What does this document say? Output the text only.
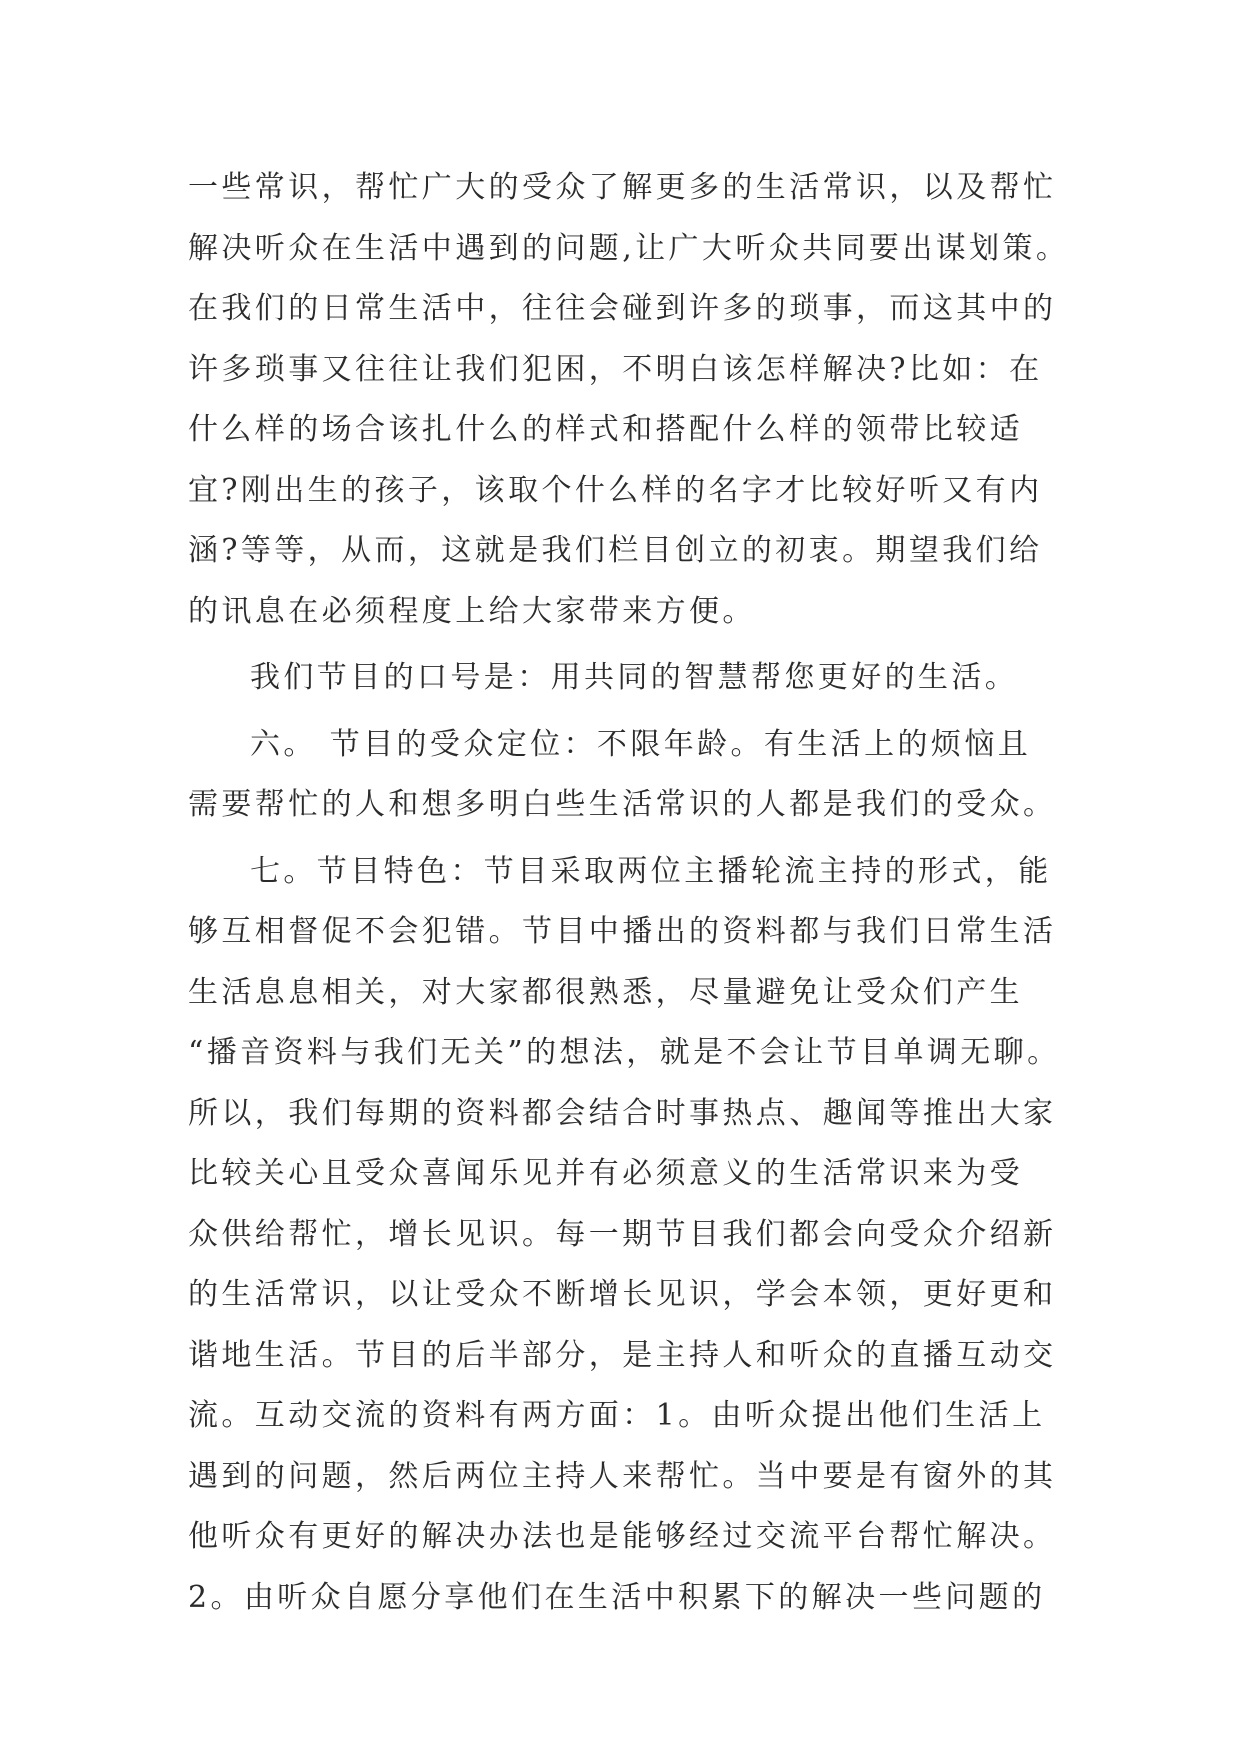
一些常识，帮忙广大的受众了解更多的生活常识，以及帮忙
解决听众在生活中遇到的问题,让广大听众共同要出谋划策。
在我们的日常生活中，往往会碰到许多的琐事，而这其中的
许多琐事又往往让我们犯困，不明白该怎样解决?比如：在
什么样的场合该扎什么的样式和搭配什么样的领带比较适
宜?刚出生的孩子，该取个什么样的名字才比较好听又有内
涵?等等，从而，这就是我们栏目创立的初衷。期望我们给
的讯息在必须程度上给大家带来方便。
我们节目的口号是：用共同的智慧帮您更好的生活。
六。 节目的受众定位：不限年龄。有生活上的烦恼且
需要帮忙的人和想多明白些生活常识的人都是我们的受众。
七。节目特色：节目采取两位主播轮流主持的形式，能
够互相督促不会犯错。节目中播出的资料都与我们日常生活
生活息息相关，对大家都很熟悉，尽量避免让受众们产生
“播音资料与我们无关”的想法，就是不会让节目单调无聊。
所以，我们每期的资料都会结合时事热点、趣闻等推出大家
比较关心且受众喜闻乐见并有必须意义的生活常识来为受
众供给帮忙，增长见识。每一期节目我们都会向受众介绍新
的生活常识，以让受众不断增长见识，学会本领，更好更和
谐地生活。节目的后半部分，是主持人和听众的直播互动交
流。互动交流的资料有两方面：1。由听众提出他们生活上
遇到的问题，然后两位主持人来帮忙。当中要是有窗外的其
他听众有更好的解决办法也是能够经过交流平台帮忙解决。
2。由听众自愿分享他们在生活中积累下的解决一些问题的
